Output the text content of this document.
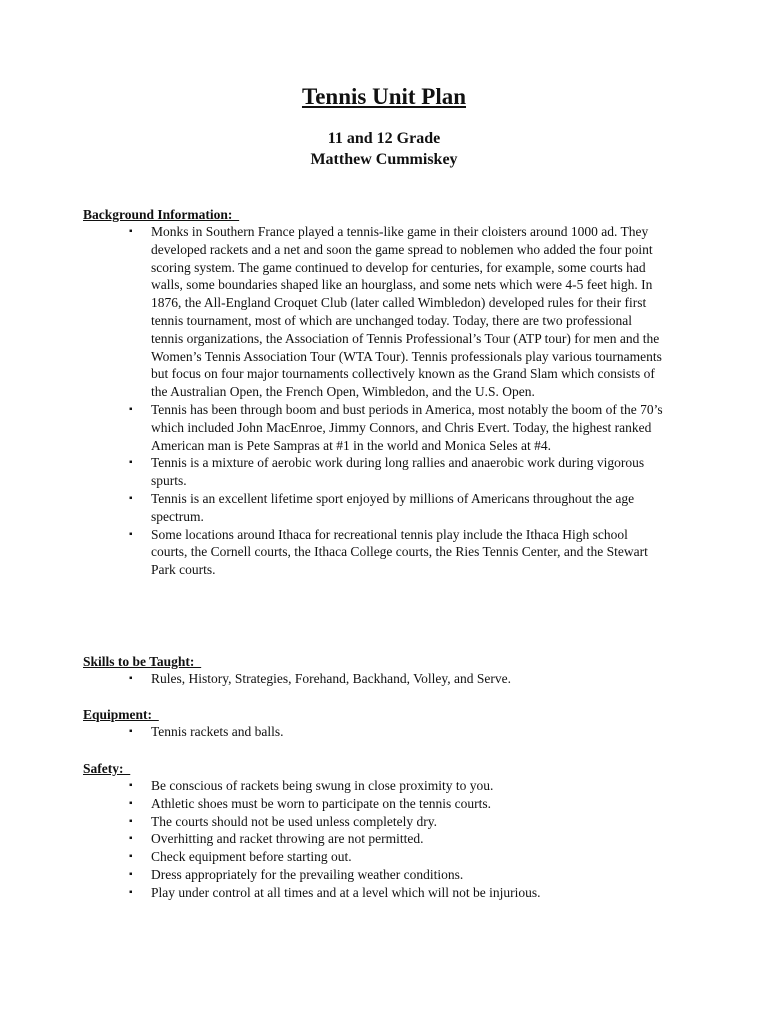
Tennis Unit Plan
11 and 12 Grade
Matthew Cummiskey
Background Information:
▪ Monks in Southern France played a tennis-like game in their cloisters around 1000 ad. They developed rackets and a net and soon the game spread to noblemen who added the four point scoring system. The game continued to develop for centuries, for example, some courts had walls, some boundaries shaped like an hourglass, and some nets which were 4-5 feet high. In 1876, the All-England Croquet Club (later called Wimbledon) developed rules for their first tennis tournament, most of which are unchanged today. Today, there are two professional tennis organizations, the Association of Tennis Professional’s Tour (ATP tour) for men and the Women’s Tennis Association Tour (WTA Tour). Tennis professionals play various tournaments but focus on four major tournaments collectively known as the Grand Slam which consists of the Australian Open, the French Open, Wimbledon, and the U.S. Open.
▪ Tennis has been through boom and bust periods in America, most notably the boom of the 70’s which included John MacEnroe, Jimmy Connors, and Chris Evert. Today, the highest ranked American man is Pete Sampras at #1 in the world and Monica Seles at #4.
▪ Tennis is a mixture of aerobic work during long rallies and anaerobic work during vigorous spurts.
▪ Tennis is an excellent lifetime sport enjoyed by millions of Americans throughout the age spectrum.
▪ Some locations around Ithaca for recreational tennis play include the Ithaca High school courts, the Cornell courts, the Ithaca College courts, the Ries Tennis Center, and the Stewart Park courts.
Skills to be Taught:
▪ Rules, History, Strategies, Forehand, Backhand, Volley, and Serve.
Equipment:
▪ Tennis rackets and balls.
Safety:
▪ Be conscious of rackets being swung in close proximity to you.
▪ Athletic shoes must be worn to participate on the tennis courts.
▪ The courts should not be used unless completely dry.
▪ Overhitting and racket throwing are not permitted.
▪ Check equipment before starting out.
▪ Dress appropriately for the prevailing weather conditions.
▪ Play under control at all times and at a level which will not be injurious.
